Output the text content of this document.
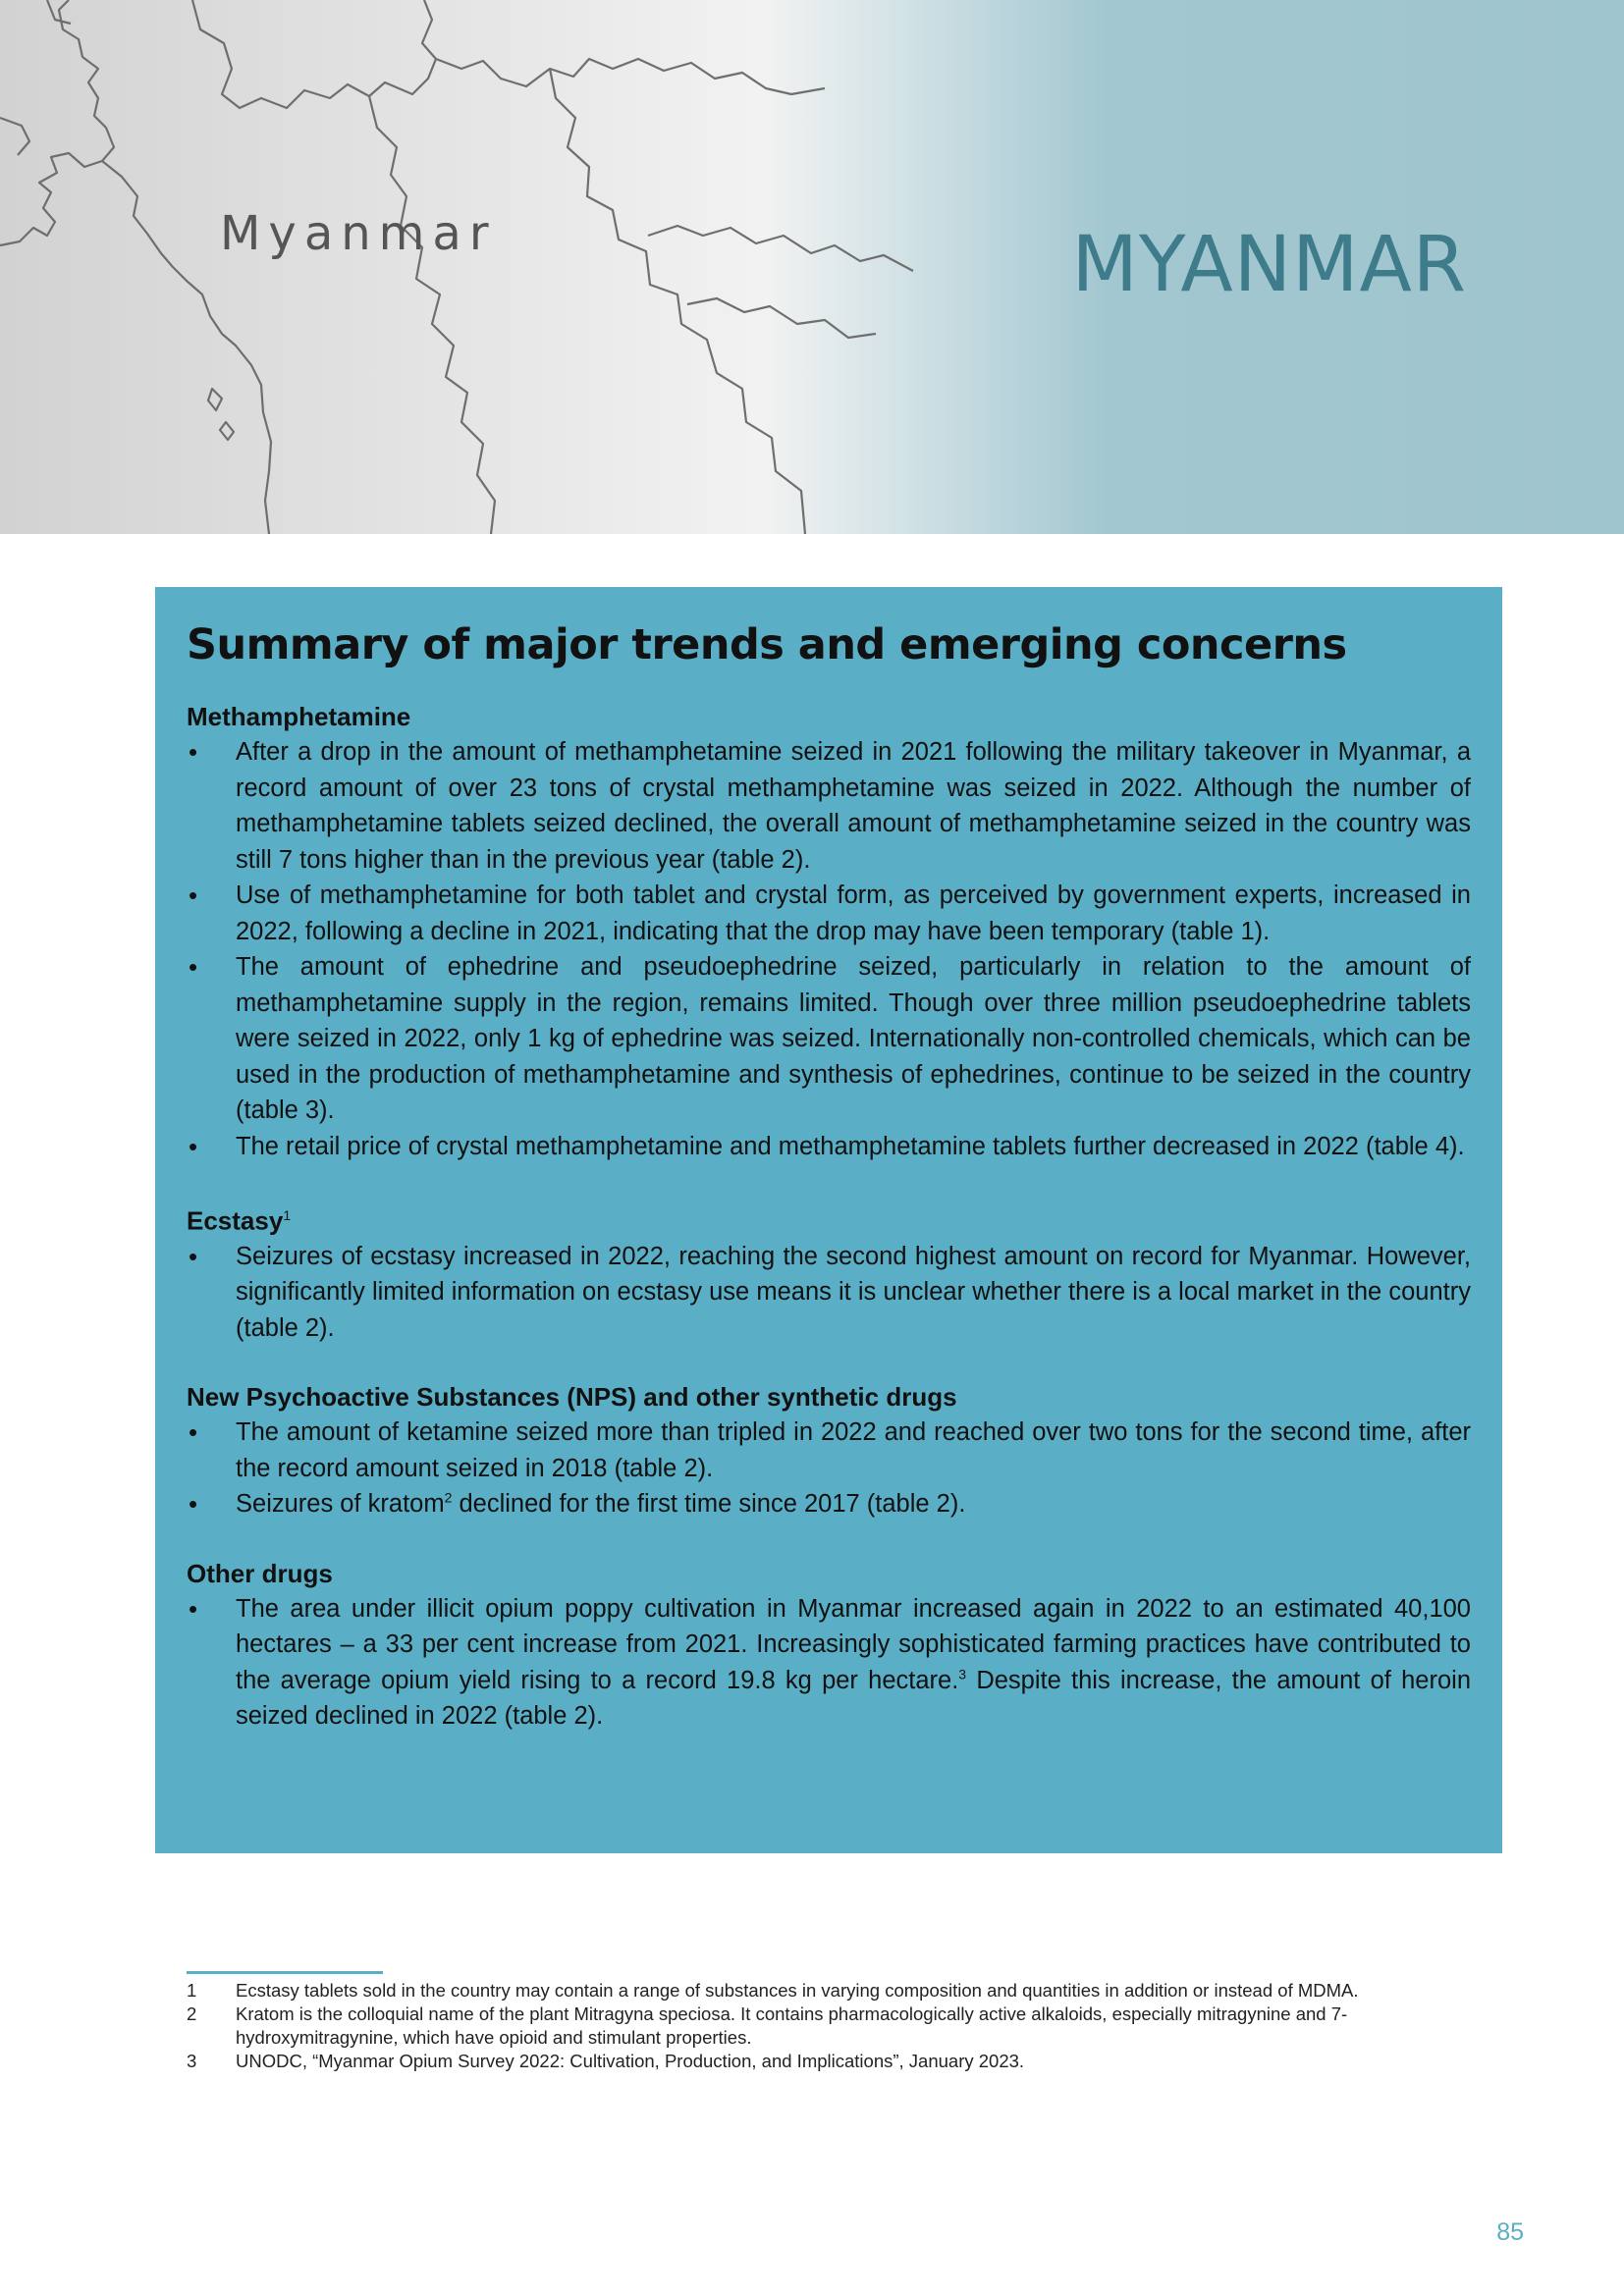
Myanmar	MYANMAR
Summary of major trends and emerging concerns
Methamphetamine
• After a drop in the amount of methamphetamine seized in 2021 following the military takeover in Myanmar, a record amount of over 23 tons of crystal methamphetamine was seized in 2022. Although the number of methamphetamine tablets seized declined, the overall amount of methamphetamine seized in the country was still 7 tons higher than in the previous year (table 2).
• Use of methamphetamine for both tablet and crystal form, as perceived by government experts, increased in 2022, following a decline in 2021, indicating that the drop may have been temporary (table 1).
• The amount of ephedrine and pseudoephedrine seized, particularly in relation to the amount of methamphetamine supply in the region, remains limited. Though over three million pseudoephedrine tablets were seized in 2022, only 1 kg of ephedrine was seized. Internationally non-controlled chemicals, which can be used in the production of methamphetamine and synthesis of ephedrines, continue to be seized in the country (table 3).
• The retail price of crystal methamphetamine and methamphetamine tablets further decreased in 2022 (table 4).
Ecstasy$^1$
• Seizures of ecstasy increased in 2022, reaching the second highest amount on record for Myanmar. However, significantly limited information on ecstasy use means it is unclear whether there is a local market in the country (table 2).
New Psychoactive Substances (NPS) and other synthetic drugs
• The amount of ketamine seized more than tripled in 2022 and reached over two tons for the second time, after the record amount seized in 2018 (table 2).
• Seizures of kratom$^2$ declined for the first time since 2017 (table 2).
Other drugs
• The area under illicit opium poppy cultivation in Myanmar increased again in 2022 to an estimated 40,100 hectares – a 33 per cent increase from 2021. Increasingly sophisticated farming practices have contributed to the average opium yield rising to a record 19.8 kg per hectare.$^3$ Despite this increase, the amount of heroin seized declined in 2022 (table 2).
1 Ecstasy tablets sold in the country may contain a range of substances in varying composition and quantities in addition or instead of MDMA.
2 Kratom is the colloquial name of the plant Mitragyna speciosa. It contains pharmacologically active alkaloids, especially mitragynine and 7-hydroxymitragynine, which have opioid and stimulant properties.
3 UNODC, “Myanmar Opium Survey 2022: Cultivation, Production, and Implications”, January 2023.
85
